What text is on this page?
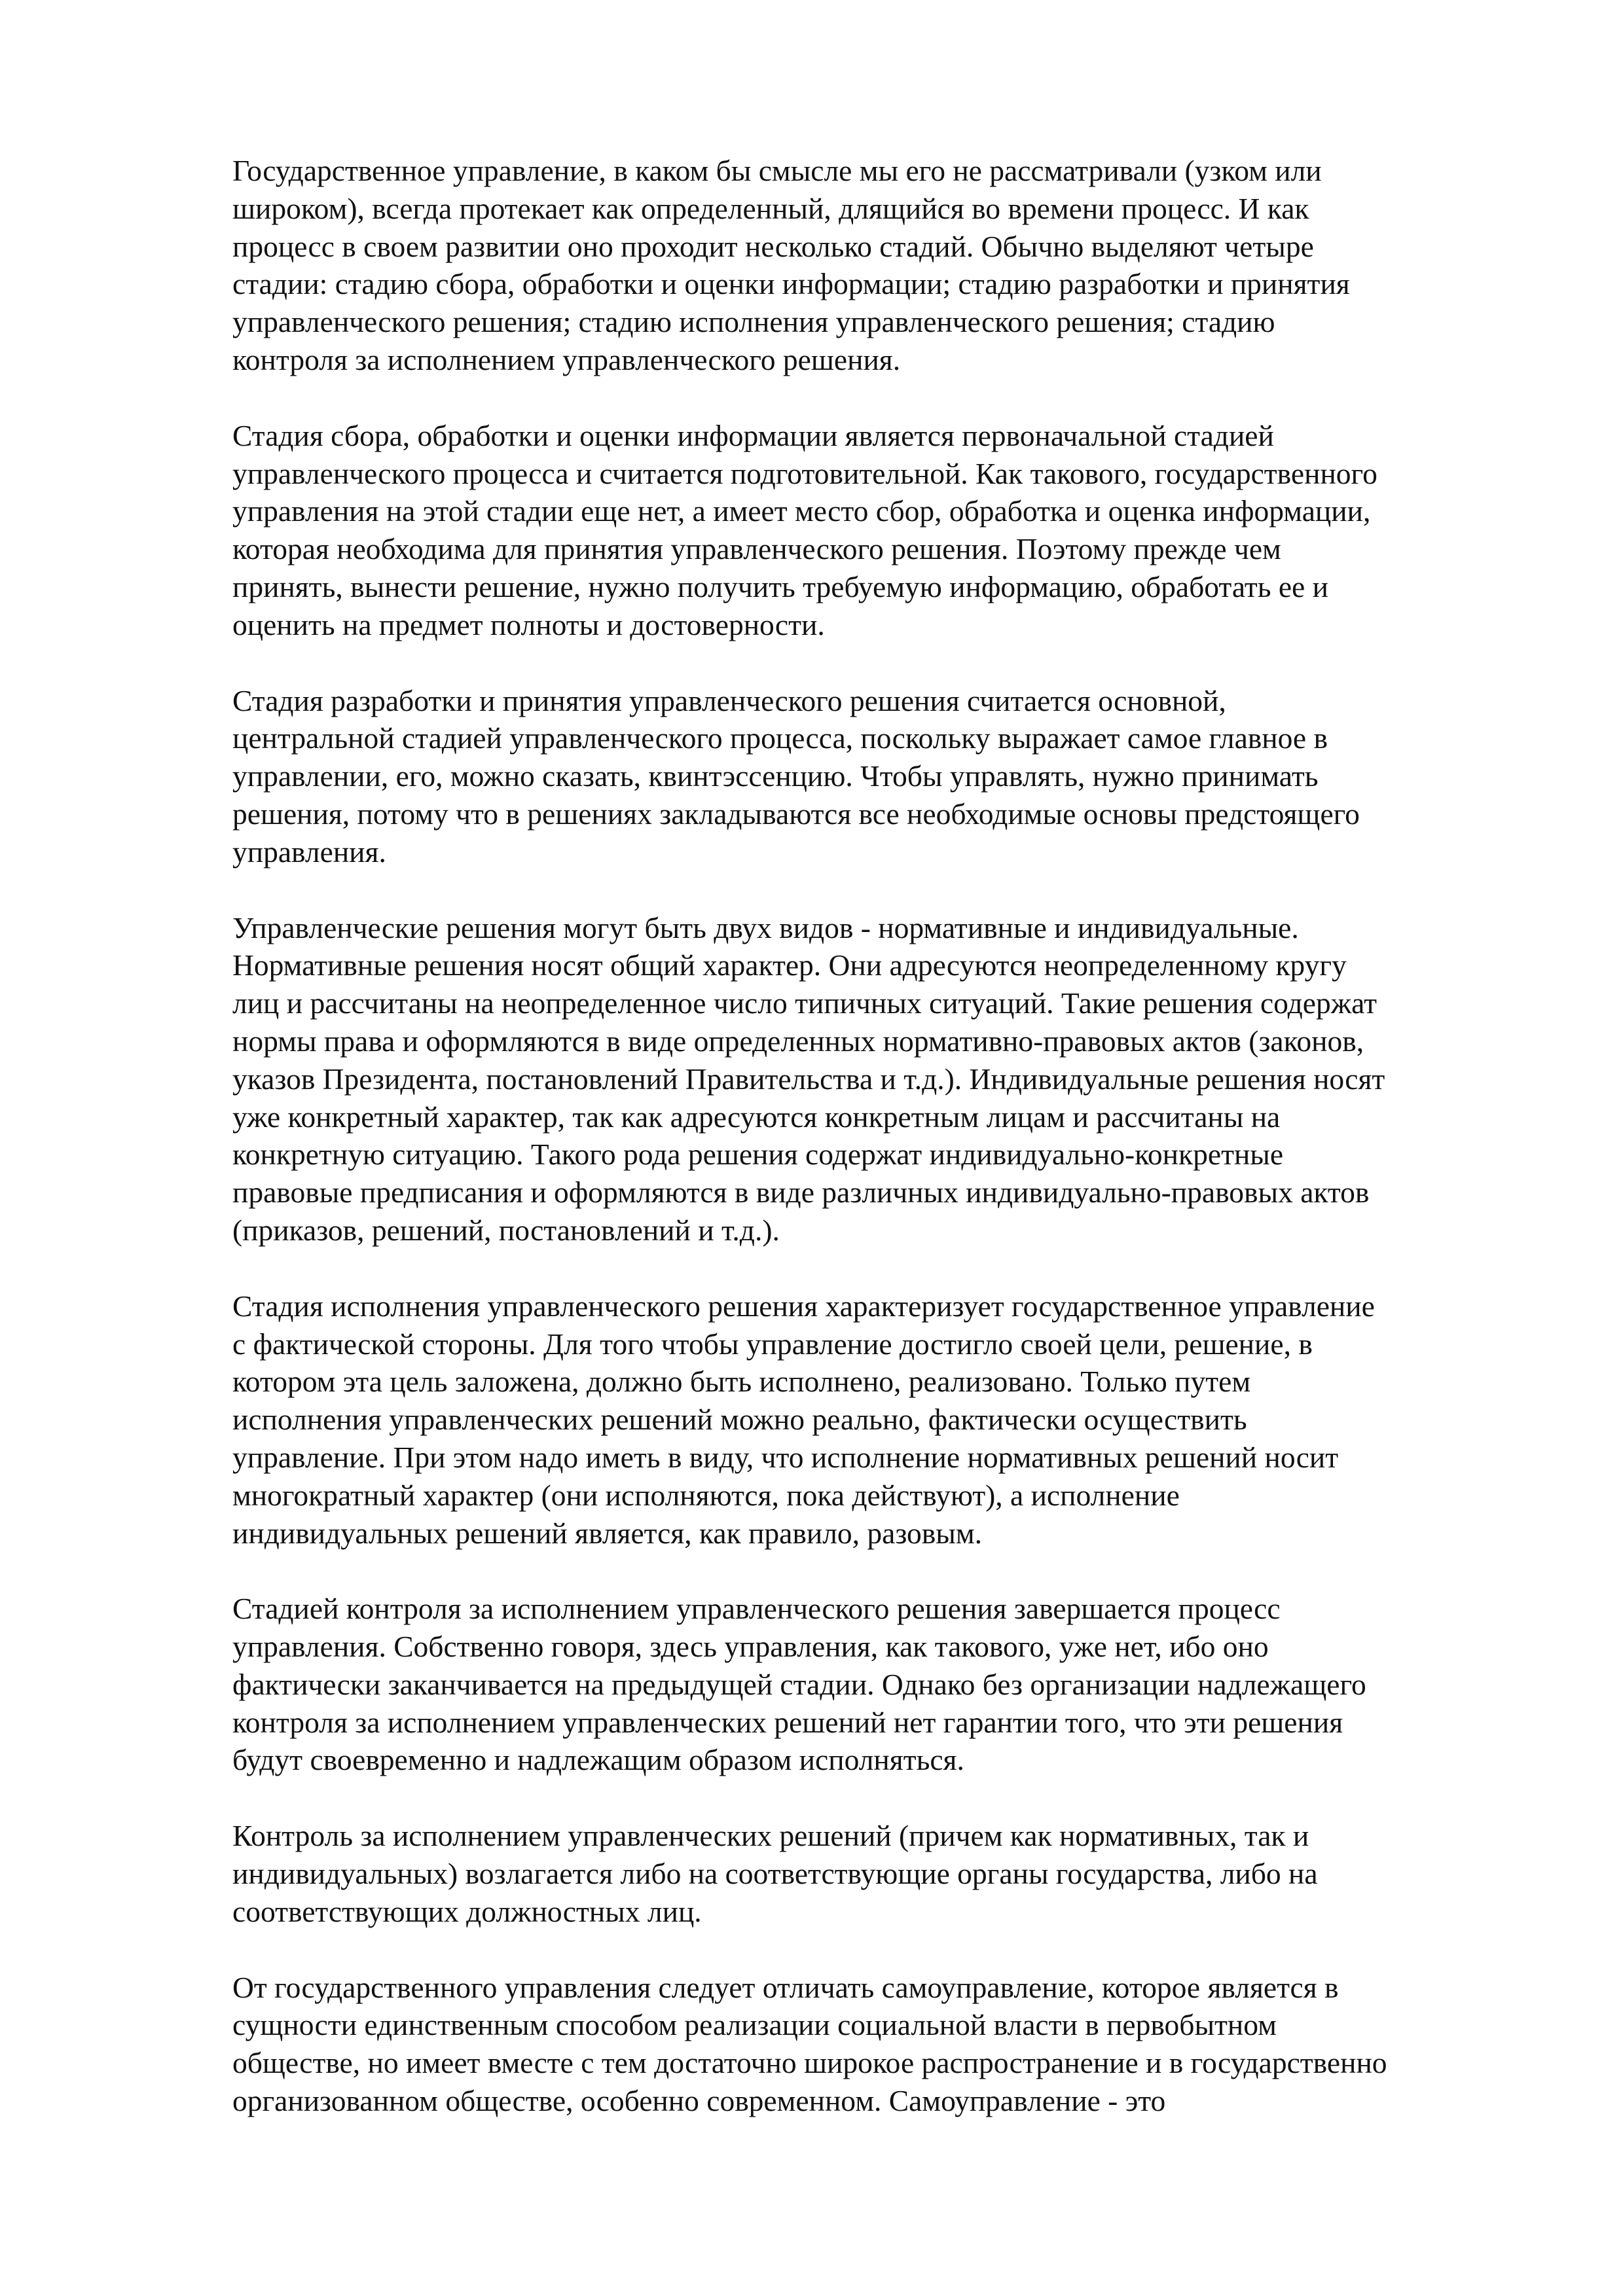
Государственное управление, в каком бы смысле мы его не рассматривали (узком или
широком), всегда протекает как определенный, длящийся во времени процесс. И как
процесс в своем развитии оно проходит несколько стадий. Обычно выделяют четыре
стадии: стадию сбора, обработки и оценки информации; стадию разработки и принятия
управленческого решения; стадию исполнения управленческого решения; стадию
контроля за исполнением управленческого решения.

Стадия сбора, обработки и оценки информации является первоначальной стадией
управленческого процесса и считается подготовительной. Как такового, государственного
управления на этой стадии еще нет, а имеет место сбор, обработка и оценка информации,
которая необходима для принятия управленческого решения. Поэтому прежде чем
принять, вынести решение, нужно получить требуемую информацию, обработать ее и
оценить на предмет полноты и достоверности.

Стадия разработки и принятия управленческого решения считается основной,
центральной стадией управленческого процесса, поскольку выражает самое главное в
управлении, его, можно сказать, квинтэссенцию. Чтобы управлять, нужно принимать
решения, потому что в решениях закладываются все необходимые основы предстоящего
управления.

Управленческие решения могут быть двух видов - нормативные и индивидуальные.
Нормативные решения носят общий характер. Они адресуются неопределенному кругу
лиц и рассчитаны на неопределенное число типичных ситуаций. Такие решения содержат
нормы права и оформляются в виде определенных нормативно-правовых актов (законов,
указов Президента, постановлений Правительства и т.д.). Индивидуальные решения носят
уже конкретный характер, так как адресуются конкретным лицам и рассчитаны на
конкретную ситуацию. Такого рода решения содержат индивидуально-конкретные
правовые предписания и оформляются в виде различных индивидуально-правовых актов
(приказов, решений, постановлений и т.д.).

Стадия исполнения управленческого решения характеризует государственное управление
с фактической стороны. Для того чтобы управление достигло своей цели, решение, в
котором эта цель заложена, должно быть исполнено, реализовано. Только путем
исполнения управленческих решений можно реально, фактически осуществить
управление. При этом надо иметь в виду, что исполнение нормативных решений носит
многократный характер (они исполняются, пока действуют), а исполнение
индивидуальных решений является, как правило, разовым.

Стадией контроля за исполнением управленческого решения завершается процесс
управления. Собственно говоря, здесь управления, как такового, уже нет, ибо оно
фактически заканчивается на предыдущей стадии. Однако без организации надлежащего
контроля за исполнением управленческих решений нет гарантии того, что эти решения
будут своевременно и надлежащим образом исполняться.

Контроль за исполнением управленческих решений (причем как нормативных, так и
индивидуальных) возлагается либо на соответствующие органы государства, либо на
соответствующих должностных лиц.

От государственного управления следует отличать самоуправление, которое является в
сущности единственным способом реализации социальной власти в первобытном
обществе, но имеет вместе с тем достаточно широкое распространение и в государственно
организованном обществе, особенно современном. Самоуправление - это
